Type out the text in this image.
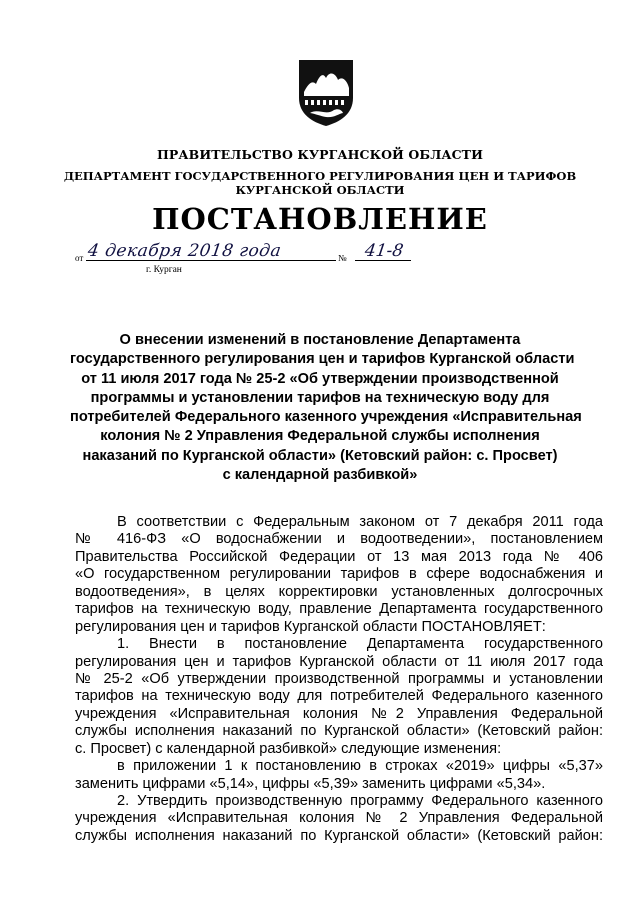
ПРАВИТЕЛЬСТВО КУРГАНСКОЙ ОБЛАСТИ
ДЕПАРТАМЕНТ ГОСУДАРСТВЕННОГО РЕГУЛИРОВАНИЯ ЦЕН И ТАРИФОВ
КУРГАНСКОЙ ОБЛАСТИ
ПОСТАНОВЛЕНИЕ
от 4 декабря 2018 года	№ 41-8
г. Курган
О внесении изменений в постановление Департамента
государственного регулирования цен и тарифов Курганской области
от 11 июля 2017 года № 25-2 «Об утверждении производственной
программы и установлении тарифов на техническую воду для
потребителей Федерального казенного учреждения «Исправительная
колония № 2 Управления Федеральной службы исполнения
наказаний по Курганской области» (Кетовский район: с. Просвет)
с календарной разбивкой»
В соответствии с Федеральным законом от 7 декабря 2011 года
№ 416-ФЗ «О водоснабжении и водоотведении», постановлением
Правительства Российской Федерации от 13 мая 2013 года № 406
«О государственном регулировании тарифов в сфере водоснабжения и
водоотведения», в целях корректировки установленных долгосрочных
тарифов на техническую воду, правление Департамента государственного
регулирования цен и тарифов Курганской области ПОСТАНОВЛЯЕТ:
1. Внести в постановление Департамента государственного
регулирования цен и тарифов Курганской области от 11 июля 2017 года
№ 25-2 «Об утверждении производственной программы и установлении
тарифов на техническую воду для потребителей Федерального казенного
учреждения «Исправительная колония №2 Управления Федеральной
службы исполнения наказаний по Курганской области» (Кетовский район:
с. Просвет) с календарной разбивкой» следующие изменения:
в приложении 1 к постановлению в строках «2019» цифры «5,37»
заменить цифрами «5,14», цифры «5,39» заменить цифрами «5,34».
2. Утвердить производственную программу Федерального казенного
учреждения «Исправительная колония № 2 Управления Федеральной
службы исполнения наказаний по Курганской области» (Кетовский район:
